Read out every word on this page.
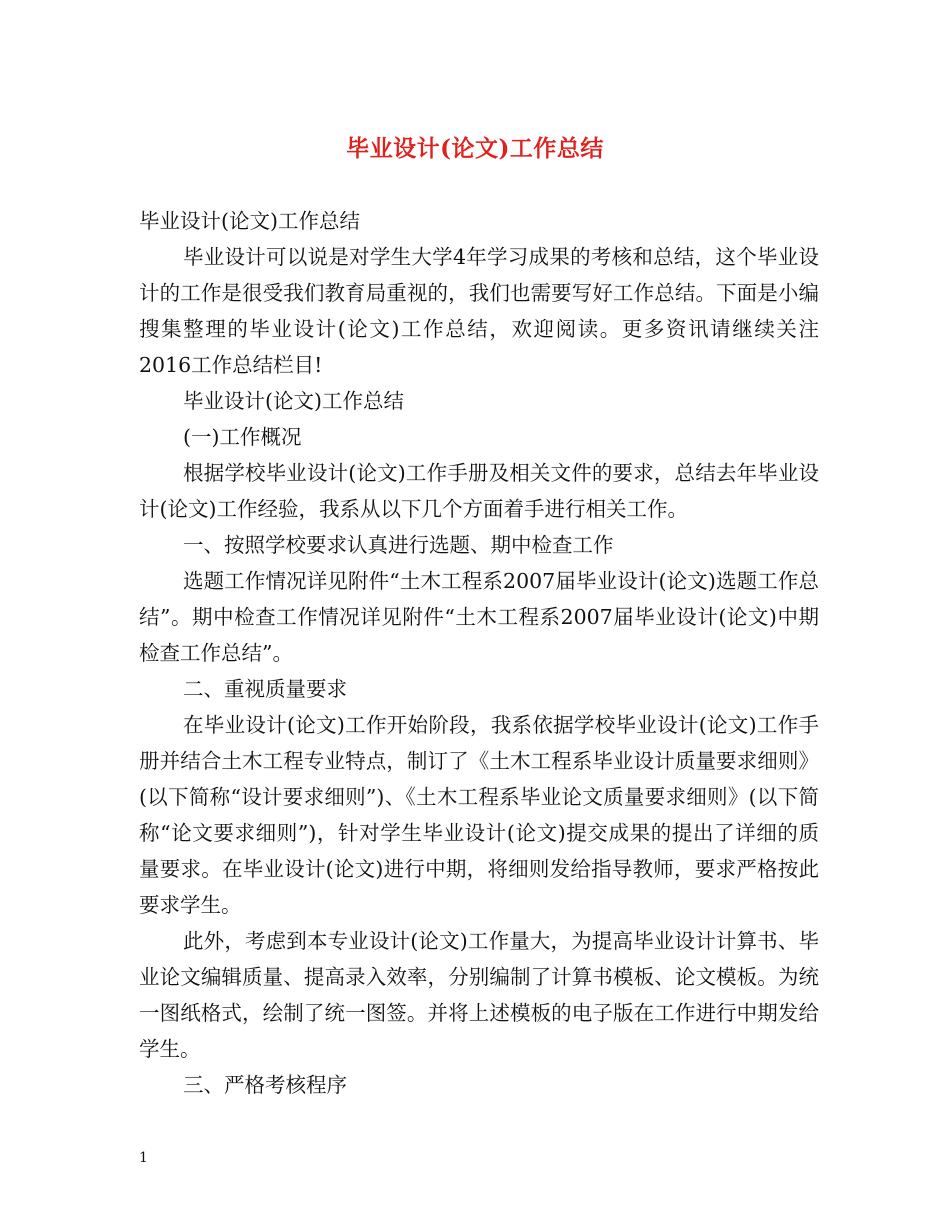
毕业设计(论文)工作总结

毕业设计(论文)工作总结

毕业设计可以说是对学生大学4年学习成果的考核和总结，这个毕业设计的工作是很受我们教育局重视的，我们也需要写好工作总结。下面是小编搜集整理的毕业设计(论文)工作总结，欢迎阅读。更多资讯请继续关注2016工作总结栏目!

毕业设计(论文)工作总结

(一)工作概况

根据学校毕业设计(论文)工作手册及相关文件的要求，总结去年毕业设计(论文)工作经验，我系从以下几个方面着手进行相关工作。

一、按照学校要求认真进行选题、期中检查工作

选题工作情况详见附件“土木工程系2007届毕业设计(论文)选题工作总结”。期中检查工作情况详见附件“土木工程系2007届毕业设计(论文)中期检查工作总结”。

二、重视质量要求

在毕业设计(论文)工作开始阶段，我系依据学校毕业设计(论文)工作手册并结合土木工程专业特点，制订了《土木工程系毕业设计质量要求细则》(以下简称“设计要求细则”)、《土木工程系毕业论文质量要求细则》(以下简称“论文要求细则”)，针对学生毕业设计(论文)提交成果的提出了详细的质量要求。在毕业设计(论文)进行中期，将细则发给指导教师，要求严格按此要求学生。

此外，考虑到本专业设计(论文)工作量大，为提高毕业设计计算书、毕业论文编辑质量、提高录入效率，分别编制了计算书模板、论文模板。为统一图纸格式，绘制了统一图签。并将上述模板的电子版在工作进行中期发给学生。

三、严格考核程序

1
